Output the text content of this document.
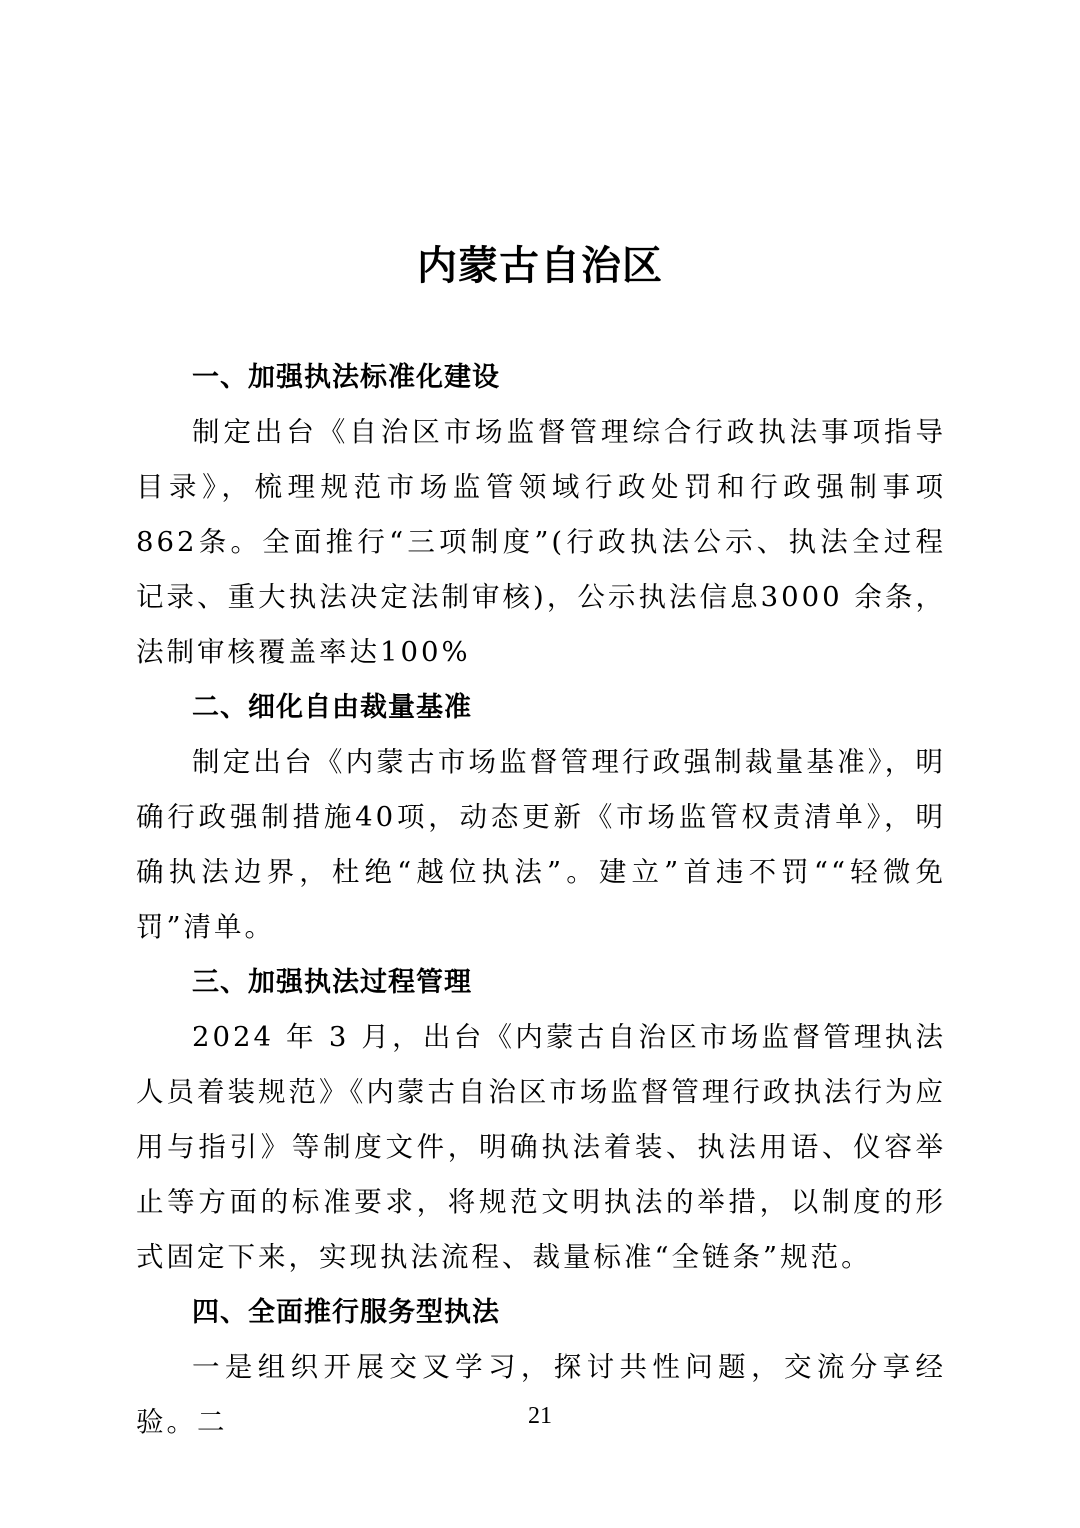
内蒙古自治区
一、加强执法标准化建设

制定出台《自治区市场监督管理综合行政执法事项指导目录》，梳理规范市场监管领域行政处罚和行政强制事项862条。全面推行“三项制度”(行政执法公示、执法全过程记录、重大执法决定法制审核)，公示执法信息3000 余条，法制审核覆盖率达100%

二、细化自由裁量基准

制定出台《内蒙古市场监督管理行政强制裁量基准》，明确行政强制措施40项，动态更新《市场监管权责清单》，明确执法边界，杜绝“越位执法”。建立”首违不罚““轻微免罚”清单。

三、加强执法过程管理

2024 年 3 月，出台《内蒙古自治区市场监督管理执法人员着装规范》《内蒙古自治区市场监督管理行政执法行为应用与指引》等制度文件，明确执法着装、执法用语、仪容举止等方面的标准要求，将规范文明执法的举措，以制度的形式固定下来，实现执法流程、裁量标准“全链条”规范。

四、全面推行服务型执法

一是组织开展交叉学习，探讨共性问题，交流分享经验。二	21
